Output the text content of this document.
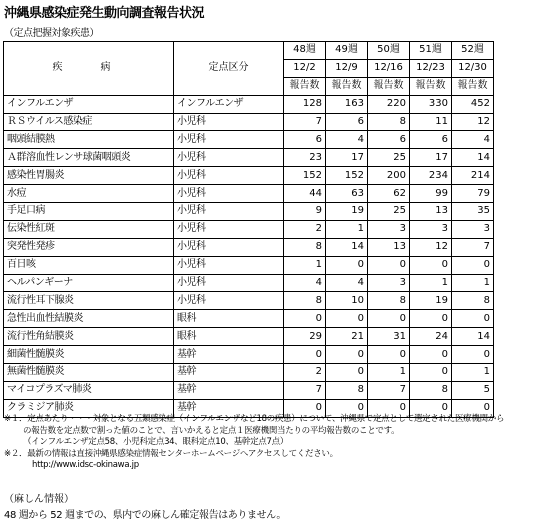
沖縄県感染症発生動向調査報告状況
（定点把握対象疾患）
疾　病	定点区分	48週	49週	50週	51週	52週
		12/2	12/9	12/16	12/23	12/30
		報告数	報告数	報告数	報告数	報告数
インフルエンザ	インフルエンザ	128	163	220	330	452
ＲＳウイルス感染症	小児科	7	6	8	11	12
咽頭結膜熱	小児科	6	4	6	6	4
Ａ群溶血性レンサ球菌咽頭炎	小児科	23	17	25	17	14
感染性胃腸炎	小児科	152	152	200	234	214
水痘	小児科	44	63	62	99	79
手足口病	小児科	9	19	25	13	35
伝染性紅斑	小児科	2	1	3	3	3
突発性発疹	小児科	8	14	13	12	7
百日咳	小児科	1	0	0	0	0
ヘルパンギーナ	小児科	4	4	3	1	1
流行性耳下腺炎	小児科	8	10	8	19	8
急性出血性結膜炎	眼科	0	0	0	0	0
流行性角結膜炎	眼科	29	21	31	24	14
細菌性髄膜炎	基幹	0	0	0	0	0
無菌性髄膜炎	基幹	2	0	1	0	1
マイコプラズマ肺炎	基幹	7	8	7	8	5
クラミジア肺炎	基幹	0	0	0	0	0
※１．定点あたり・・・対象となる五類感染症（インフルエンザなど18の疾患）について、沖縄県で定点として選定された医療機関から
の報告数を定点数で割った値のことで、言いかえると定点１医療機関当たりの平均報告数のことです。
（インフルエンザ定点58、小児科定点34、眼科定点10、基幹定点7点）
※２．最新の情報は直接沖縄県感染症情報センターホームページへアクセスしてください。
http://www.idsc-okinawa.jp
（麻しん情報）
48 週から 52 週までの、県内での麻しん確定報告はありません。
